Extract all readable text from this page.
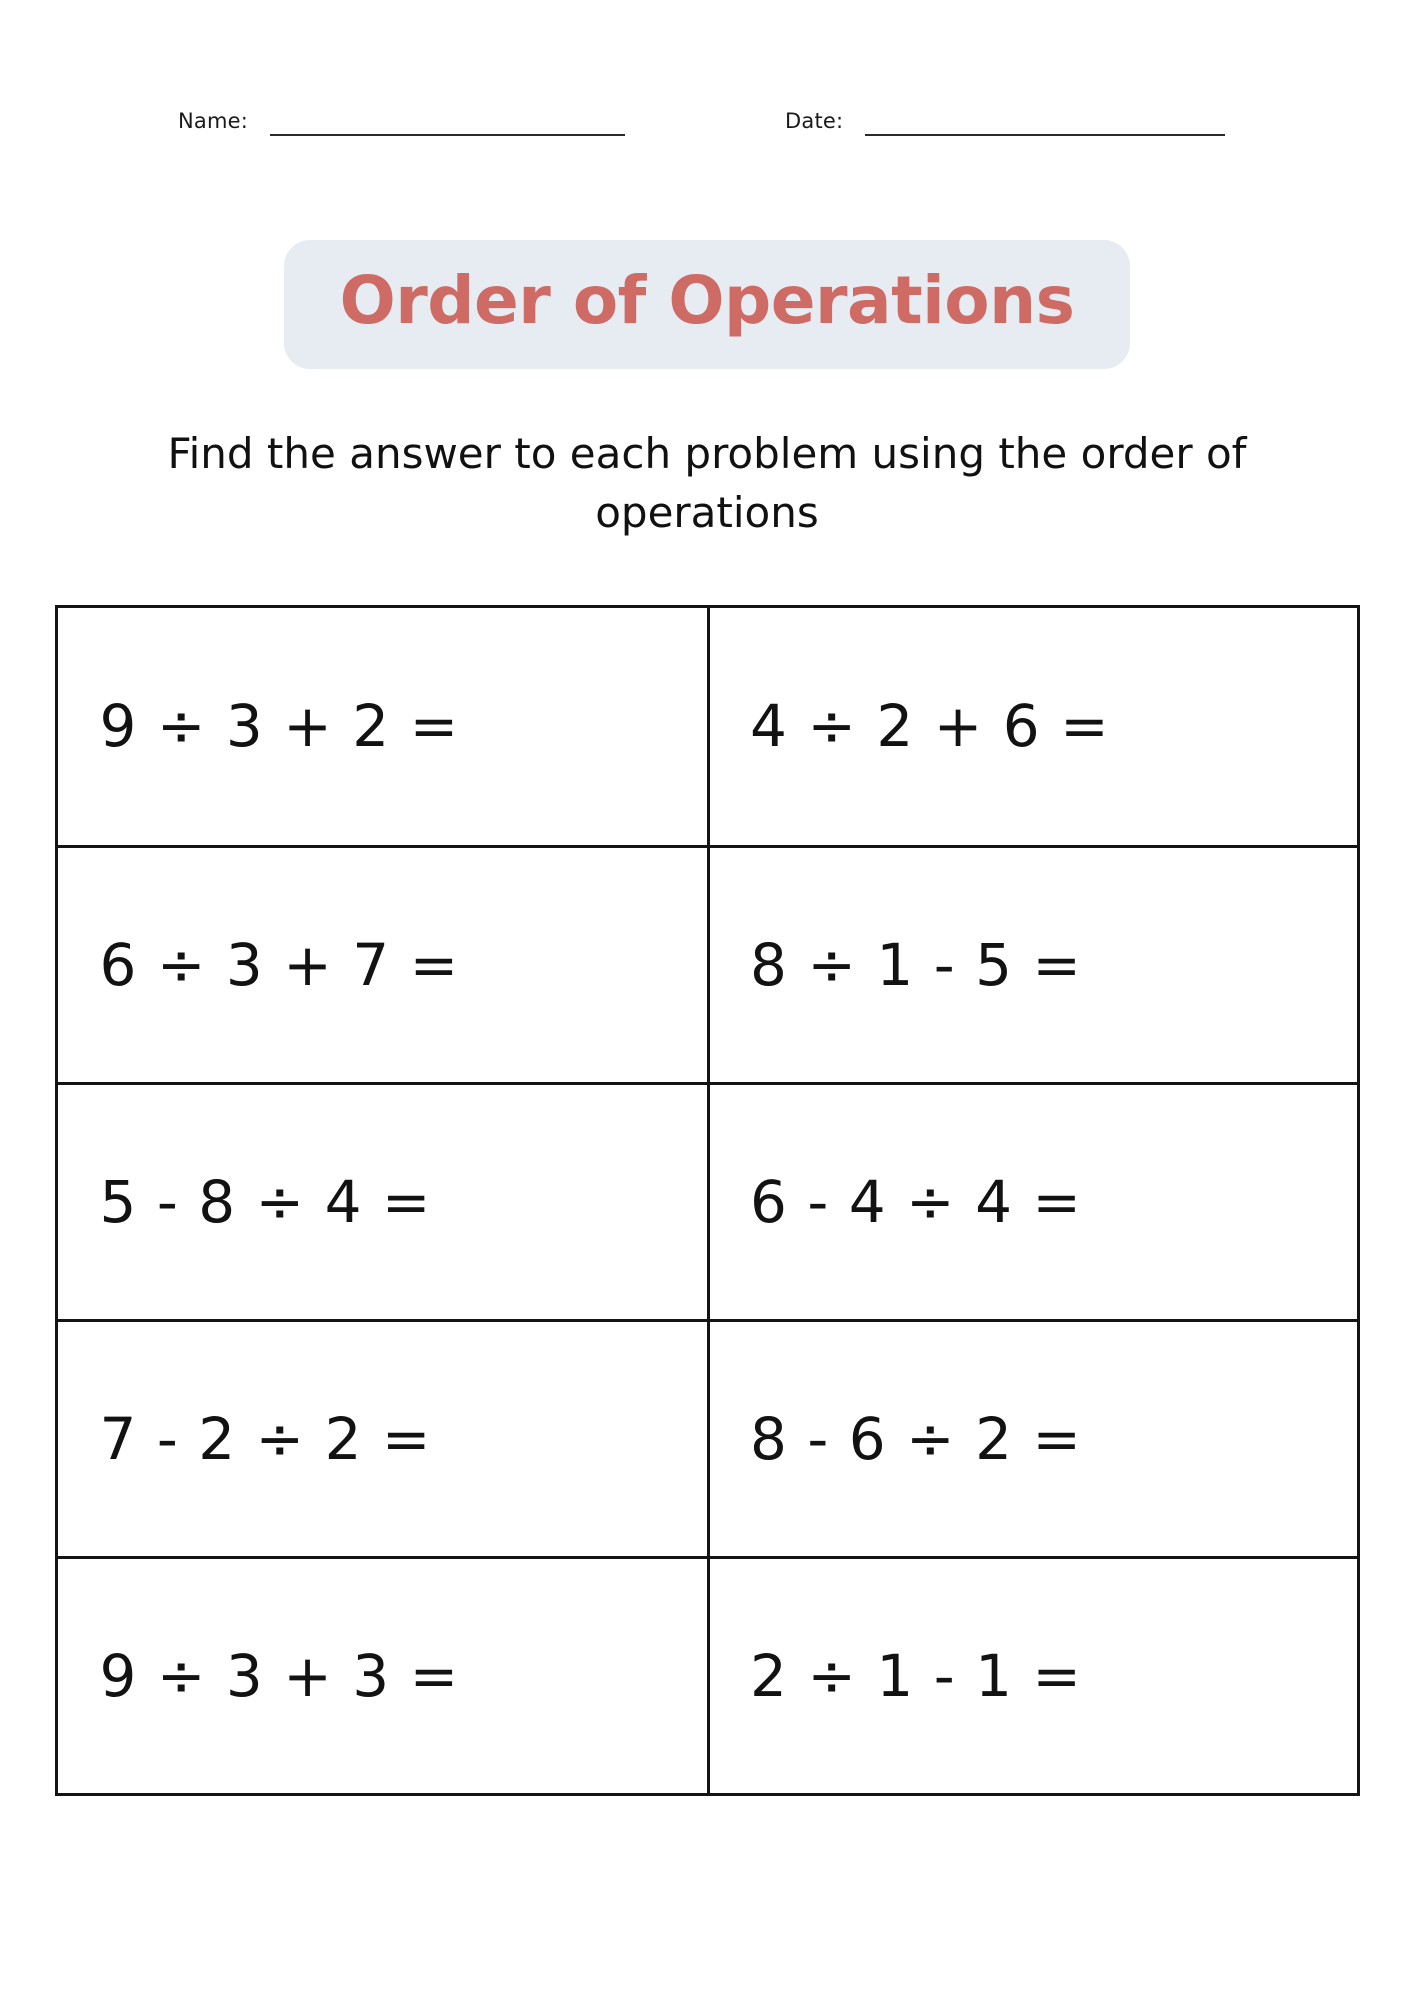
Name:	Date:
Order of Operations
Find the answer to each problem using the order of operations
9 ÷ 3 + 2 =	4 ÷ 2 + 6 =
6 ÷ 3 + 7 =	8 ÷ 1 - 5 =
5 - 8 ÷ 4 =	6 - 4 ÷ 4 =
7 - 2 ÷ 2 =	8 - 6 ÷ 2 =
9 ÷ 3 + 3 =	2 ÷ 1 - 1 =
